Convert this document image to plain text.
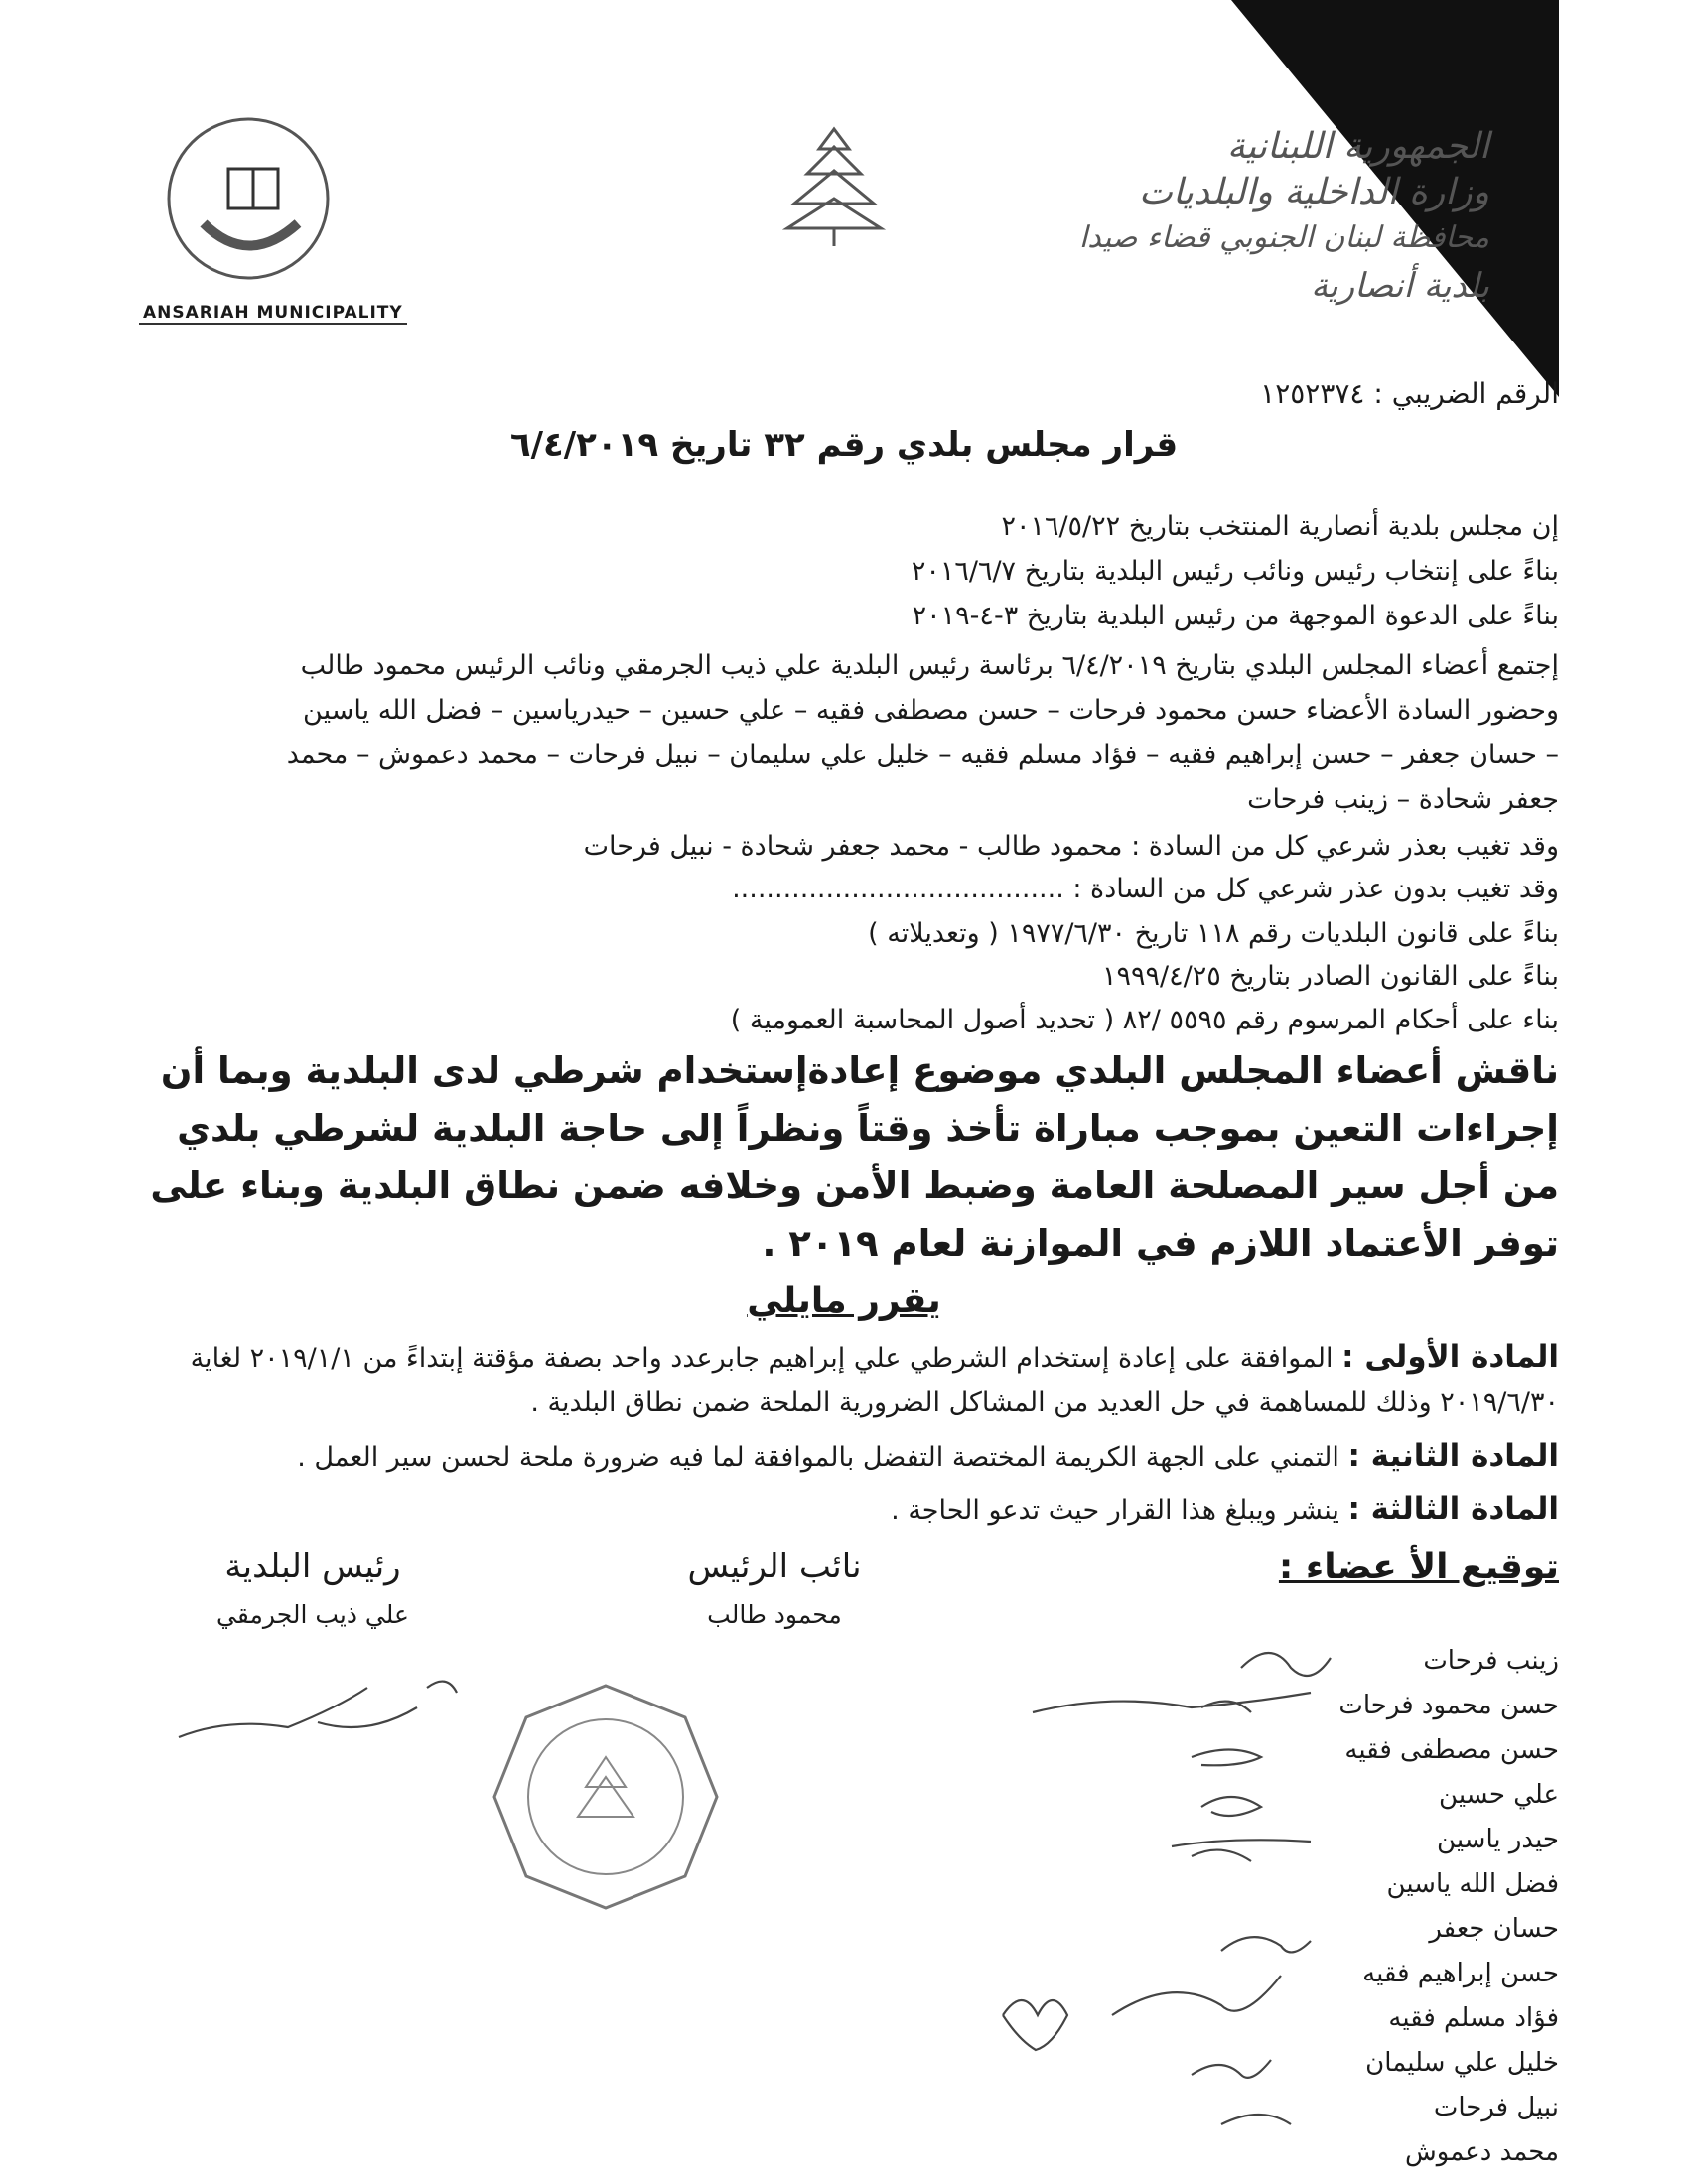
ANSARIAH MUNICIPALITY
الجمهورية اللبنانية
وزارة الداخلية والبلديات
محافظة لبنان الجنوبي قضاء صيدا
بلدية أنصارية
الرقم الضريبي : ١٢٥٢٣٧٤
قرار مجلس بلدي رقم ٣٢ تاريخ ٦/٤/٢٠١٩
إن مجلس بلدية أنصارية المنتخب بتاريخ ٢٠١٦/٥/٢٢
بناءً على إنتخاب رئيس ونائب رئيس البلدية بتاريخ ٢٠١٦/٦/٧
بناءً على الدعوة الموجهة من رئيس البلدية بتاريخ ٣-٤-٢٠١٩
إجتمع أعضاء المجلس البلدي بتاريخ ٦/٤/٢٠١٩ برئاسة رئيس البلدية علي ذيب الجرمقي ونائب الرئيس محمود طالب
وحضور السادة الأعضاء حسن محمود فرحات – حسن مصطفى فقيه – علي حسين – حيدرياسين – فضل الله ياسين
– حسان جعفر – حسن إبراهيم فقيه – فؤاد مسلم فقيه – خليل علي سليمان – نبيل فرحات – محمد دعموش – محمد
جعفر شحادة – زينب فرحات
وقد تغيب بعذر شرعي كل من السادة : محمود طالب - محمد جعفر شحادة - نبيل فرحات
وقد تغيب بدون عذر شرعي كل من السادة : .......................................
بناءً على قانون البلديات رقم ١١٨ تاريخ ١٩٧٧/٦/٣٠ ( وتعديلاته )
بناءً على القانون الصادر بتاريخ ١٩٩٩/٤/٢٥
بناء على أحكام المرسوم رقم ٥٥٩٥ /٨٢ ( تحديد أصول المحاسبة العمومية )
ناقش أعضاء المجلس البلدي موضوع إعادةإستخدام شرطي لدى البلدية وبما أن إجراءات التعين بموجب مباراة تأخذ وقتاً ونظراً إلى حاجة البلدية لشرطي بلدي من أجل سير المصلحة العامة وضبط الأمن وخلافه ضمن نطاق البلدية وبناء على توفر الأعتماد اللازم في الموازنة لعام ٢٠١٩ .
يقرر مايلي
المادة الأولى : الموافقة على إعادة إستخدام الشرطي علي إبراهيم جابرعدد واحد بصفة مؤقتة إبتداءً من ٢٠١٩/١/١ لغاية ٢٠١٩/٦/٣٠ وذلك للمساهمة في حل العديد من المشاكل الضرورية الملحة ضمن نطاق البلدية .
المادة الثانية : التمني على الجهة الكريمة المختصة التفضل بالموافقة لما فيه ضرورة ملحة لحسن سير العمل .
المادة الثالثة : ينشر ويبلغ هذا القرار حيث تدعو الحاجة .
توقيع الأ عضاء :
نائب الرئيس
محمود طالب
رئيس البلدية
علي ذيب الجرمقي
زينب فرحات
حسن محمود فرحات
حسن مصطفى فقيه
علي حسين
حيدر ياسين
فضل الله ياسين
حسان جعفر
حسن إبراهيم فقيه
فؤاد مسلم فقيه
خليل علي سليمان
نبيل فرحات
محمد دعموش
